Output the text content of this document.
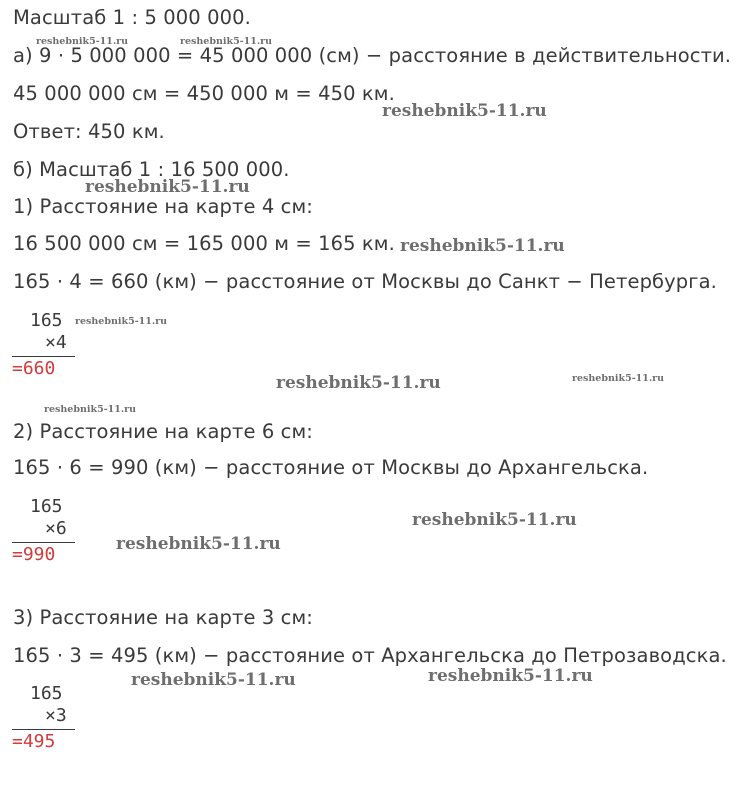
Масштаб 1 : 5 000 000.
а) 9 · 5 000 000 = 45 000 000 (см) − расстояние в действительности.
45 000 000 см = 450 000 м = 450 км.
Ответ: 450 км.
б) Масштаб 1 : 16 500 000.
1) Расстояние на карте 4 см:
16 500 000 см = 165 000 м = 165 км.
165 · 4 = 660 (км) − расстояние от Москвы до Санкт − Петербурга.
165
×4
=660
2) Расстояние на карте 6 см:
165 · 6 = 990 (км) − расстояние от Москвы до Архангельска.
165
×6
=990
3) Расстояние на карте 3 см:
165 · 3 = 495 (км) − расстояние от Архангельска до Петрозаводска.
165
×3
=495
reshebnik5-11.ru	reshebnik5-11.ru
reshebnik5-11.ru
reshebnik5-11.ru
reshebnik5-11.ru
reshebnik5-11.ru
reshebnik5-11.ru	reshebnik5-11.ru
reshebnik5-11.ru
reshebnik5-11.ru
reshebnik5-11.ru
reshebnik5-11.ru	reshebnik5-11.ru
